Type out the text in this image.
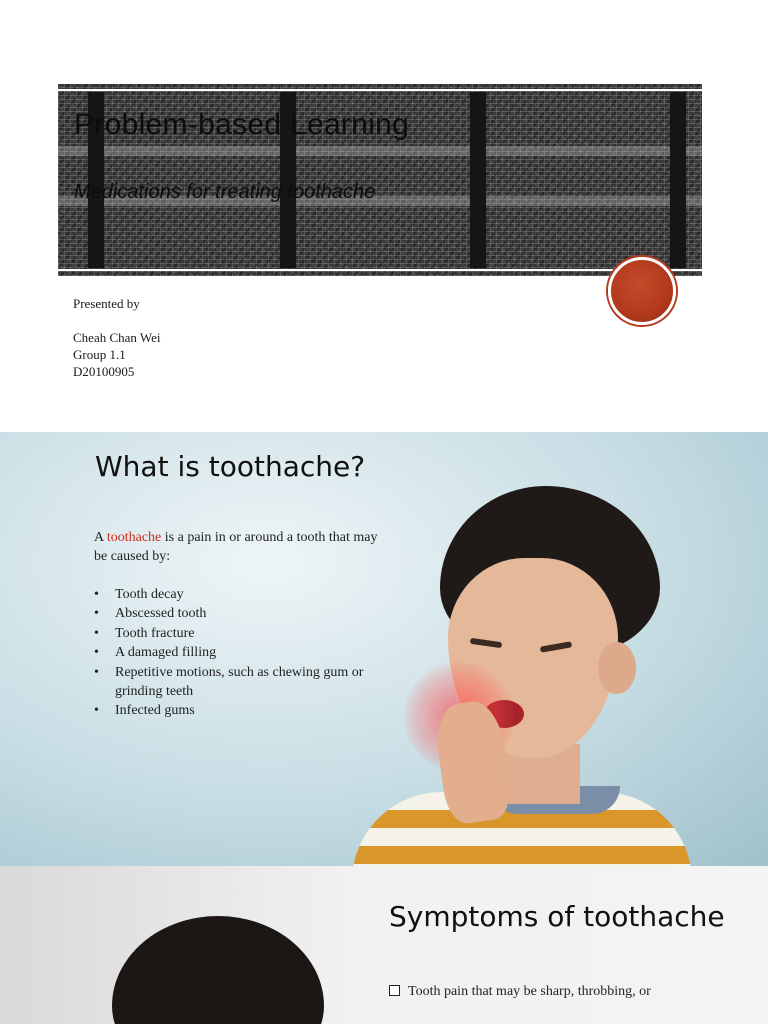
Problem-based Learning
Medications for treating toothache
Presented by
Cheah Chan Wei
Group 1.1
D20100905
What is toothache?

A toothache is a pain in or around a tooth that may be caused by:

• Tooth decay
• Abscessed tooth
• Tooth fracture
• A damaged filling
• Repetitive motions, such as chewing gum or grinding teeth
• Infected gums
Symptoms of toothache
Tooth pain that may be sharp, throbbing, or
